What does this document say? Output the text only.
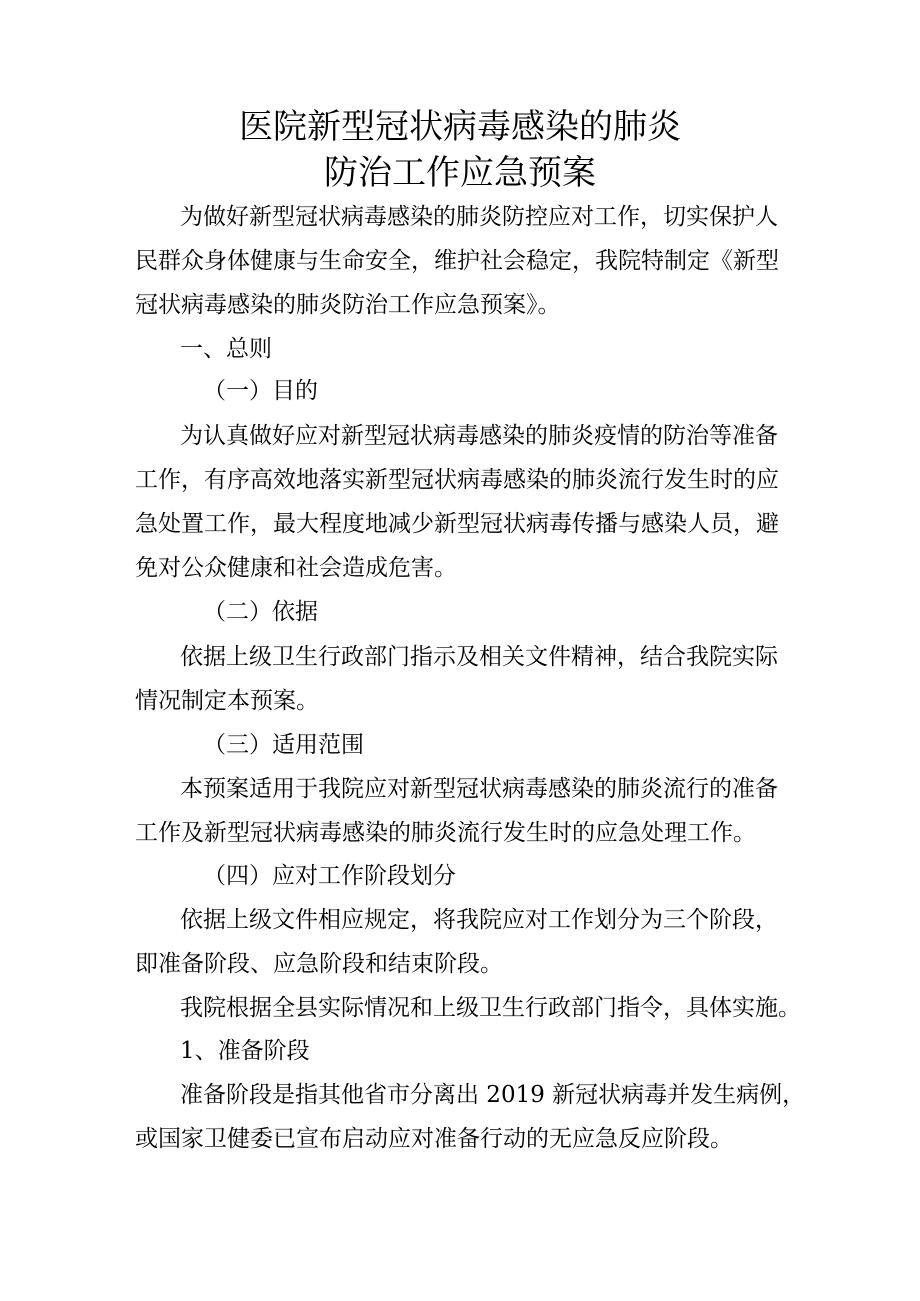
医院新型冠状病毒感染的肺炎
防治工作应急预案
为做好新型冠状病毒感染的肺炎防控应对工作，切实保护人
民群众身体健康与生命安全，维护社会稳定，我院特制定《新型
冠状病毒感染的肺炎防治工作应急预案》。
一、总则
（一）目的
为认真做好应对新型冠状病毒感染的肺炎疫情的防治等准备
工作，有序高效地落实新型冠状病毒感染的肺炎流行发生时的应
急处置工作，最大程度地减少新型冠状病毒传播与感染人员，避
免对公众健康和社会造成危害。
（二）依据
依据上级卫生行政部门指示及相关文件精神，结合我院实际
情况制定本预案。
（三）适用范围
本预案适用于我院应对新型冠状病毒感染的肺炎流行的准备
工作及新型冠状病毒感染的肺炎流行发生时的应急处理工作。
（四）应对工作阶段划分
依据上级文件相应规定，将我院应对工作划分为三个阶段，
即准备阶段、应急阶段和结束阶段。
我院根据全县实际情况和上级卫生行政部门指令，具体实施。
1、准备阶段
准备阶段是指其他省市分离出 2019 新冠状病毒并发生病例，
或国家卫健委已宣布启动应对准备行动的无应急反应阶段。
